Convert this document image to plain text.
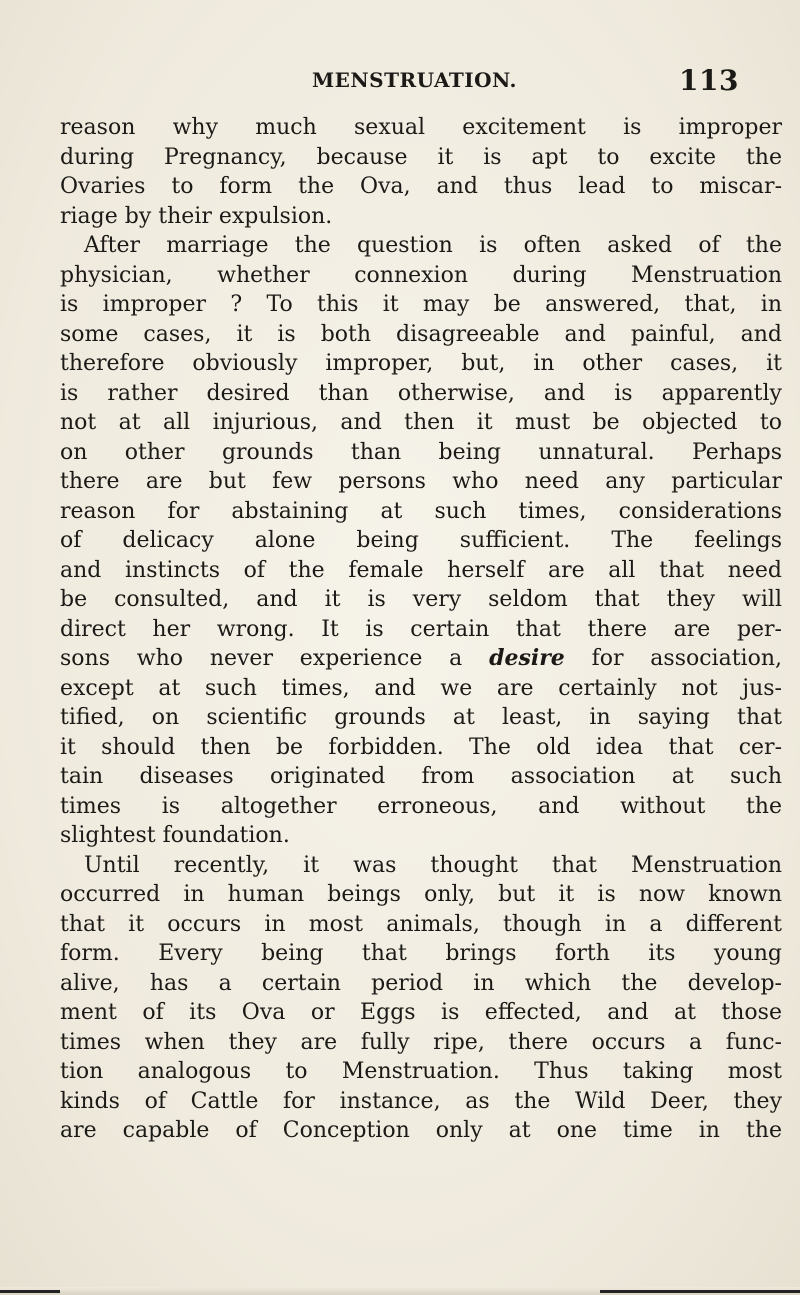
MENSTRUATION.	113
reason why much sexual excitement is improper
during Pregnancy, because it is apt to excite the
Ovaries to form the Ova, and thus lead to miscar-
riage by their expulsion.
After marriage the question is often asked of the
physician, whether connexion during Menstruation
is improper ? To this it may be answered, that, in
some cases, it is both disagreeable and painful, and
therefore obviously improper, but, in other cases, it
is rather desired than otherwise, and is apparently
not at all injurious, and then it must be objected to
on other grounds than being unnatural. Perhaps
there are but few persons who need any particular
reason for abstaining at such times, considerations
of delicacy alone being sufficient. The feelings
and instincts of the female herself are all that need
be consulted, and it is very seldom that they will
direct her wrong. It is certain that there are per-
sons who never experience a desire for association,
except at such times, and we are certainly not jus-
tified, on scientific grounds at least, in saying that
it should then be forbidden. The old idea that cer-
tain diseases originated from association at such
times is altogether erroneous, and without the
slightest foundation.
Until recently, it was thought that Menstruation
occurred in human beings only, but it is now known
that it occurs in most animals, though in a different
form. Every being that brings forth its young
alive, has a certain period in which the develop-
ment of its Ova or Eggs is effected, and at those
times when they are fully ripe, there occurs a func-
tion analogous to Menstruation. Thus taking most
kinds of Cattle for instance, as the Wild Deer, they
are capable of Conception only at one time in the
